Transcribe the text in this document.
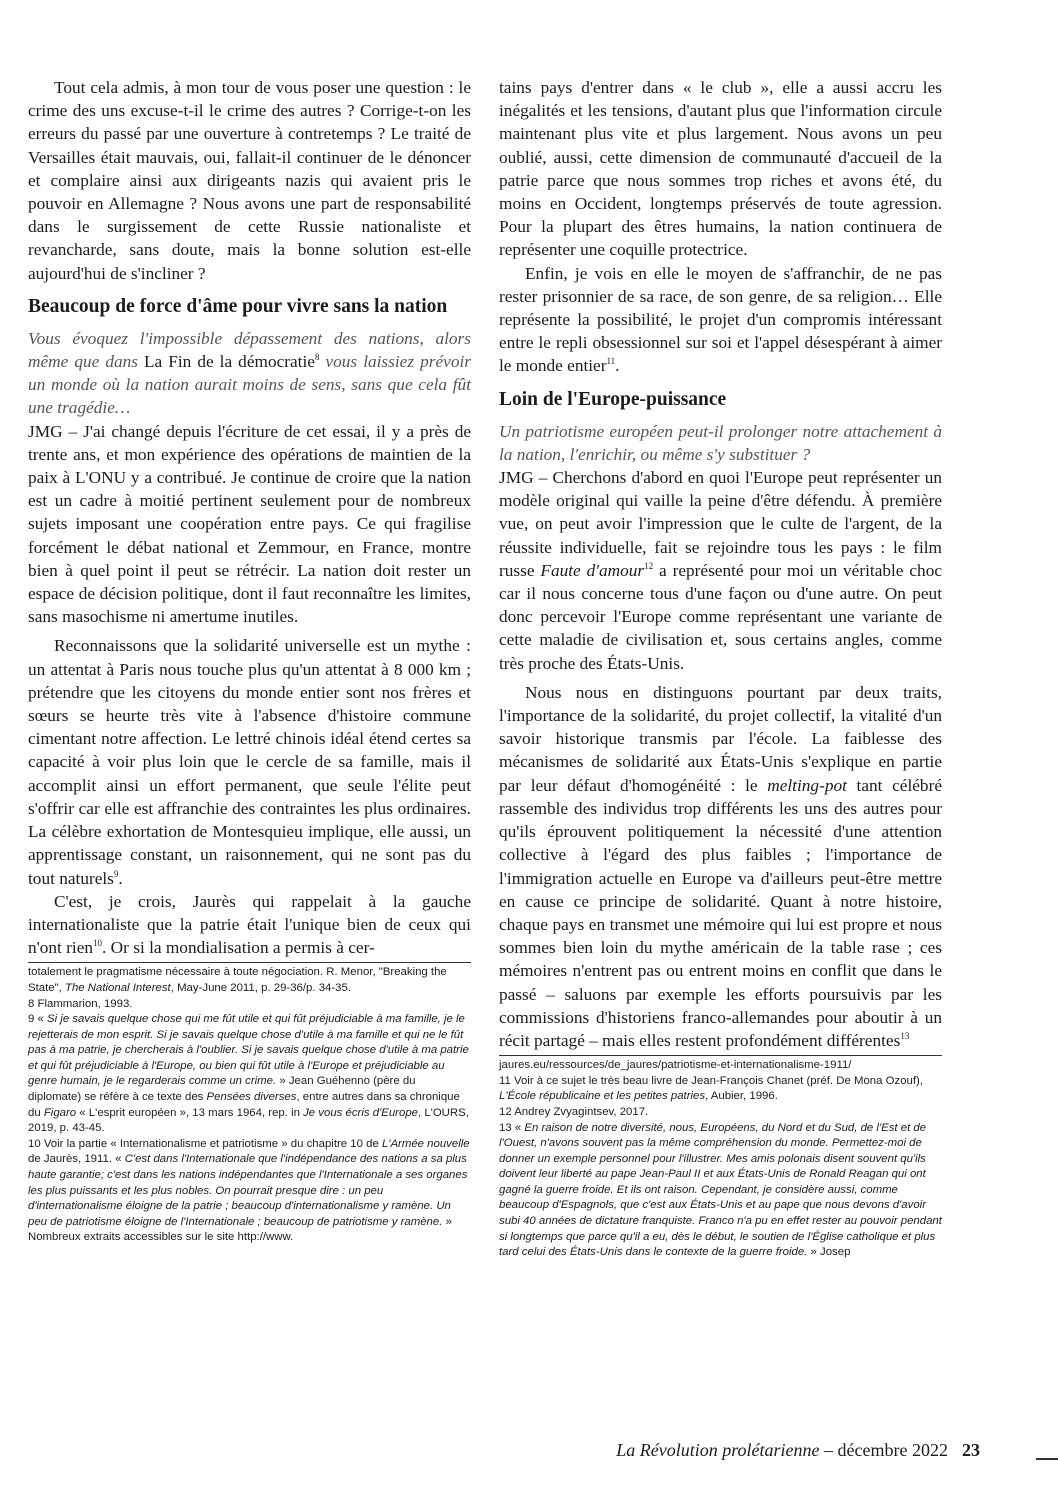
Tout cela admis, à mon tour de vous poser une question : le crime des uns excuse-t-il le crime des autres ? Corrige-t-on les erreurs du passé par une ouverture à contretemps ? Le traité de Versailles était mauvais, oui, fallait-il continuer de le dénoncer et complaire ainsi aux dirigeants nazis qui avaient pris le pouvoir en Allemagne ? Nous avons une part de responsabilité dans le surgissement de cette Russie nationaliste et revancharde, sans doute, mais la bonne solution est-elle aujourd'hui de s'incliner ?

Beaucoup de force d'âme pour vivre sans la nation

Vous évoquez l'impossible dépassement des nations, alors même que dans La Fin de la démocratie$^8$ vous laissiez prévoir un monde où la nation aurait moins de sens, sans que cela fût une tragédie…

JMG – J'ai changé depuis l'écriture de cet essai, il y a près de trente ans, et mon expérience des opérations de maintien de la paix à L'ONU y a contribué. Je continue de croire que la nation est un cadre à moitié pertinent seulement pour de nombreux sujets imposant une coopération entre pays. Ce qui fragilise forcément le débat national et Zemmour, en France, montre bien à quel point il peut se rétrécir. La nation doit rester un espace de décision politique, dont il faut reconnaître les limites, sans masochisme ni amertume inutiles.

Reconnaissons que la solidarité universelle est un mythe : un attentat à Paris nous touche plus qu'un attentat à 8 000 km ; prétendre que les citoyens du monde entier sont nos frères et sœurs se heurte très vite à l'absence d'histoire commune cimentant notre affection. Le lettré chinois idéal étend certes sa capacité à voir plus loin que le cercle de sa famille, mais il accomplit ainsi un effort permanent, que seule l'élite peut s'offrir car elle est affranchie des contraintes les plus ordinaires. La célèbre exhortation de Montesquieu implique, elle aussi, un apprentissage constant, un raisonnement, qui ne sont pas du tout naturels$^9$.

C'est, je crois, Jaurès qui rappelait à la gauche internationaliste que la patrie était l'unique bien de ceux qui n'ont rien$^{10}$. Or si la mondialisation a permis à cer-

totalement le pragmatisme nécessaire à toute négociation. R. Menor, "Breaking the State", The National Interest, May-June 2011, p. 29-36/p. 34-35.

8 Flammarion, 1993.

9 « Si je savais quelque chose qui me fût utile et qui fût préjudiciable à ma famille, je le rejetterais de mon esprit. Si je savais quelque chose d'utile à ma famille et qui ne le fût pas à ma patrie, je chercherais à l'oublier. Si je savais quelque chose d'utile à ma patrie et qui fût préjudiciable à l'Europe, ou bien qui fût utile à l'Europe et préjudiciable au genre humain, je le regarderais comme un crime. » Jean Guéhenno (père du diplomate) se réfère à ce texte des Pensées diverses, entre autres dans sa chronique du Figaro « L'esprit européen », 13 mars 1964, rep. in Je vous écris d'Europe, L'OURS, 2019, p. 43-45.

10 Voir la partie « Internationalisme et patriotisme » du chapitre 10 de L'Armée nouvelle de Jaurès, 1911. « C'est dans l'Internationale que l'indépendance des nations a sa plus haute garantie; c'est dans les nations indépendantes que l'Internationale a ses organes les plus puissants et les plus nobles. On pourrait presque dire : un peu d'internationalisme éloigne de la patrie ; beaucoup d'internationalisme y ramène. Un peu de patriotisme éloigne de l'Internationale ; beaucoup de patriotisme y ramène. » Nombreux extraits accessibles sur le site http://www.

tains pays d'entrer dans « le club », elle a aussi accru les inégalités et les tensions, d'autant plus que l'information circule maintenant plus vite et plus largement. Nous avons un peu oublié, aussi, cette dimension de communauté d'accueil de la patrie parce que nous sommes trop riches et avons été, du moins en Occident, longtemps préservés de toute agression. Pour la plupart des êtres humains, la nation continuera de représenter une coquille protectrice.

Enfin, je vois en elle le moyen de s'affranchir, de ne pas rester prisonnier de sa race, de son genre, de sa religion… Elle représente la possibilité, le projet d'un compromis intéressant entre le repli obsessionnel sur soi et l'appel désespérant à aimer le monde entier$^{11}$.

Loin de l'Europe-puissance

Un patriotisme européen peut-il prolonger notre attachement à la nation, l'enrichir, ou même s'y substituer ?

JMG – Cherchons d'abord en quoi l'Europe peut représenter un modèle original qui vaille la peine d'être défendu. À première vue, on peut avoir l'impression que le culte de l'argent, de la réussite individuelle, fait se rejoindre tous les pays : le film russe Faute d'amour$^{12}$ a représenté pour moi un véritable choc car il nous concerne tous d'une façon ou d'une autre. On peut donc percevoir l'Europe comme représentant une variante de cette maladie de civilisation et, sous certains angles, comme très proche des États-Unis.

Nous nous en distinguons pourtant par deux traits, l'importance de la solidarité, du projet collectif, la vitalité d'un savoir historique transmis par l'école. La faiblesse des mécanismes de solidarité aux États-Unis s'explique en partie par leur défaut d'homogénéité : le melting-pot tant célébré rassemble des individus trop différents les uns des autres pour qu'ils éprouvent politiquement la nécessité d'une attention collective à l'égard des plus faibles ; l'importance de l'immigration actuelle en Europe va d'ailleurs peut-être mettre en cause ce principe de solidarité. Quant à notre histoire, chaque pays en transmet une mémoire qui lui est propre et nous sommes bien loin du mythe américain de la table rase ; ces mémoires n'entrent pas ou entrent moins en conflit que dans le passé – saluons par exemple les efforts poursuivis par les commissions d'historiens franco-allemandes pour aboutir à un récit partagé – mais elles restent profondément différentes$^{13}$

jaures.eu/ressources/de_jaures/patriotisme-et-internationalisme-1911/

11 Voir à ce sujet le très beau livre de Jean-François Chanet (préf. De Mona Ozouf), L'École républicaine et les petites patries, Aubier, 1996.

12 Andrey Zvyagintsev, 2017.

13 « En raison de notre diversité, nous, Européens, du Nord et du Sud, de l'Est et de l'Ouest, n'avons souvent pas la même compréhension du monde. Permettez-moi de donner un exemple personnel pour l'illustrer. Mes amis polonais disent souvent qu'ils doivent leur liberté au pape Jean-Paul II et aux États-Unis de Ronald Reagan qui ont gagné la guerre froide. Et ils ont raison. Cependant, je considère aussi, comme beaucoup d'Espagnols, que c'est aux États-Unis et au pape que nous devons d'avoir subi 40 années de dictature franquiste. Franco n'a pu en effet rester au pouvoir pendant si longtemps que parce qu'il a eu, dès le début, le soutien de l'Église catholique et plus tard celui des États-Unis dans le contexte de la guerre froide. » Josep

La Révolution prolétarienne – décembre 2022 23
